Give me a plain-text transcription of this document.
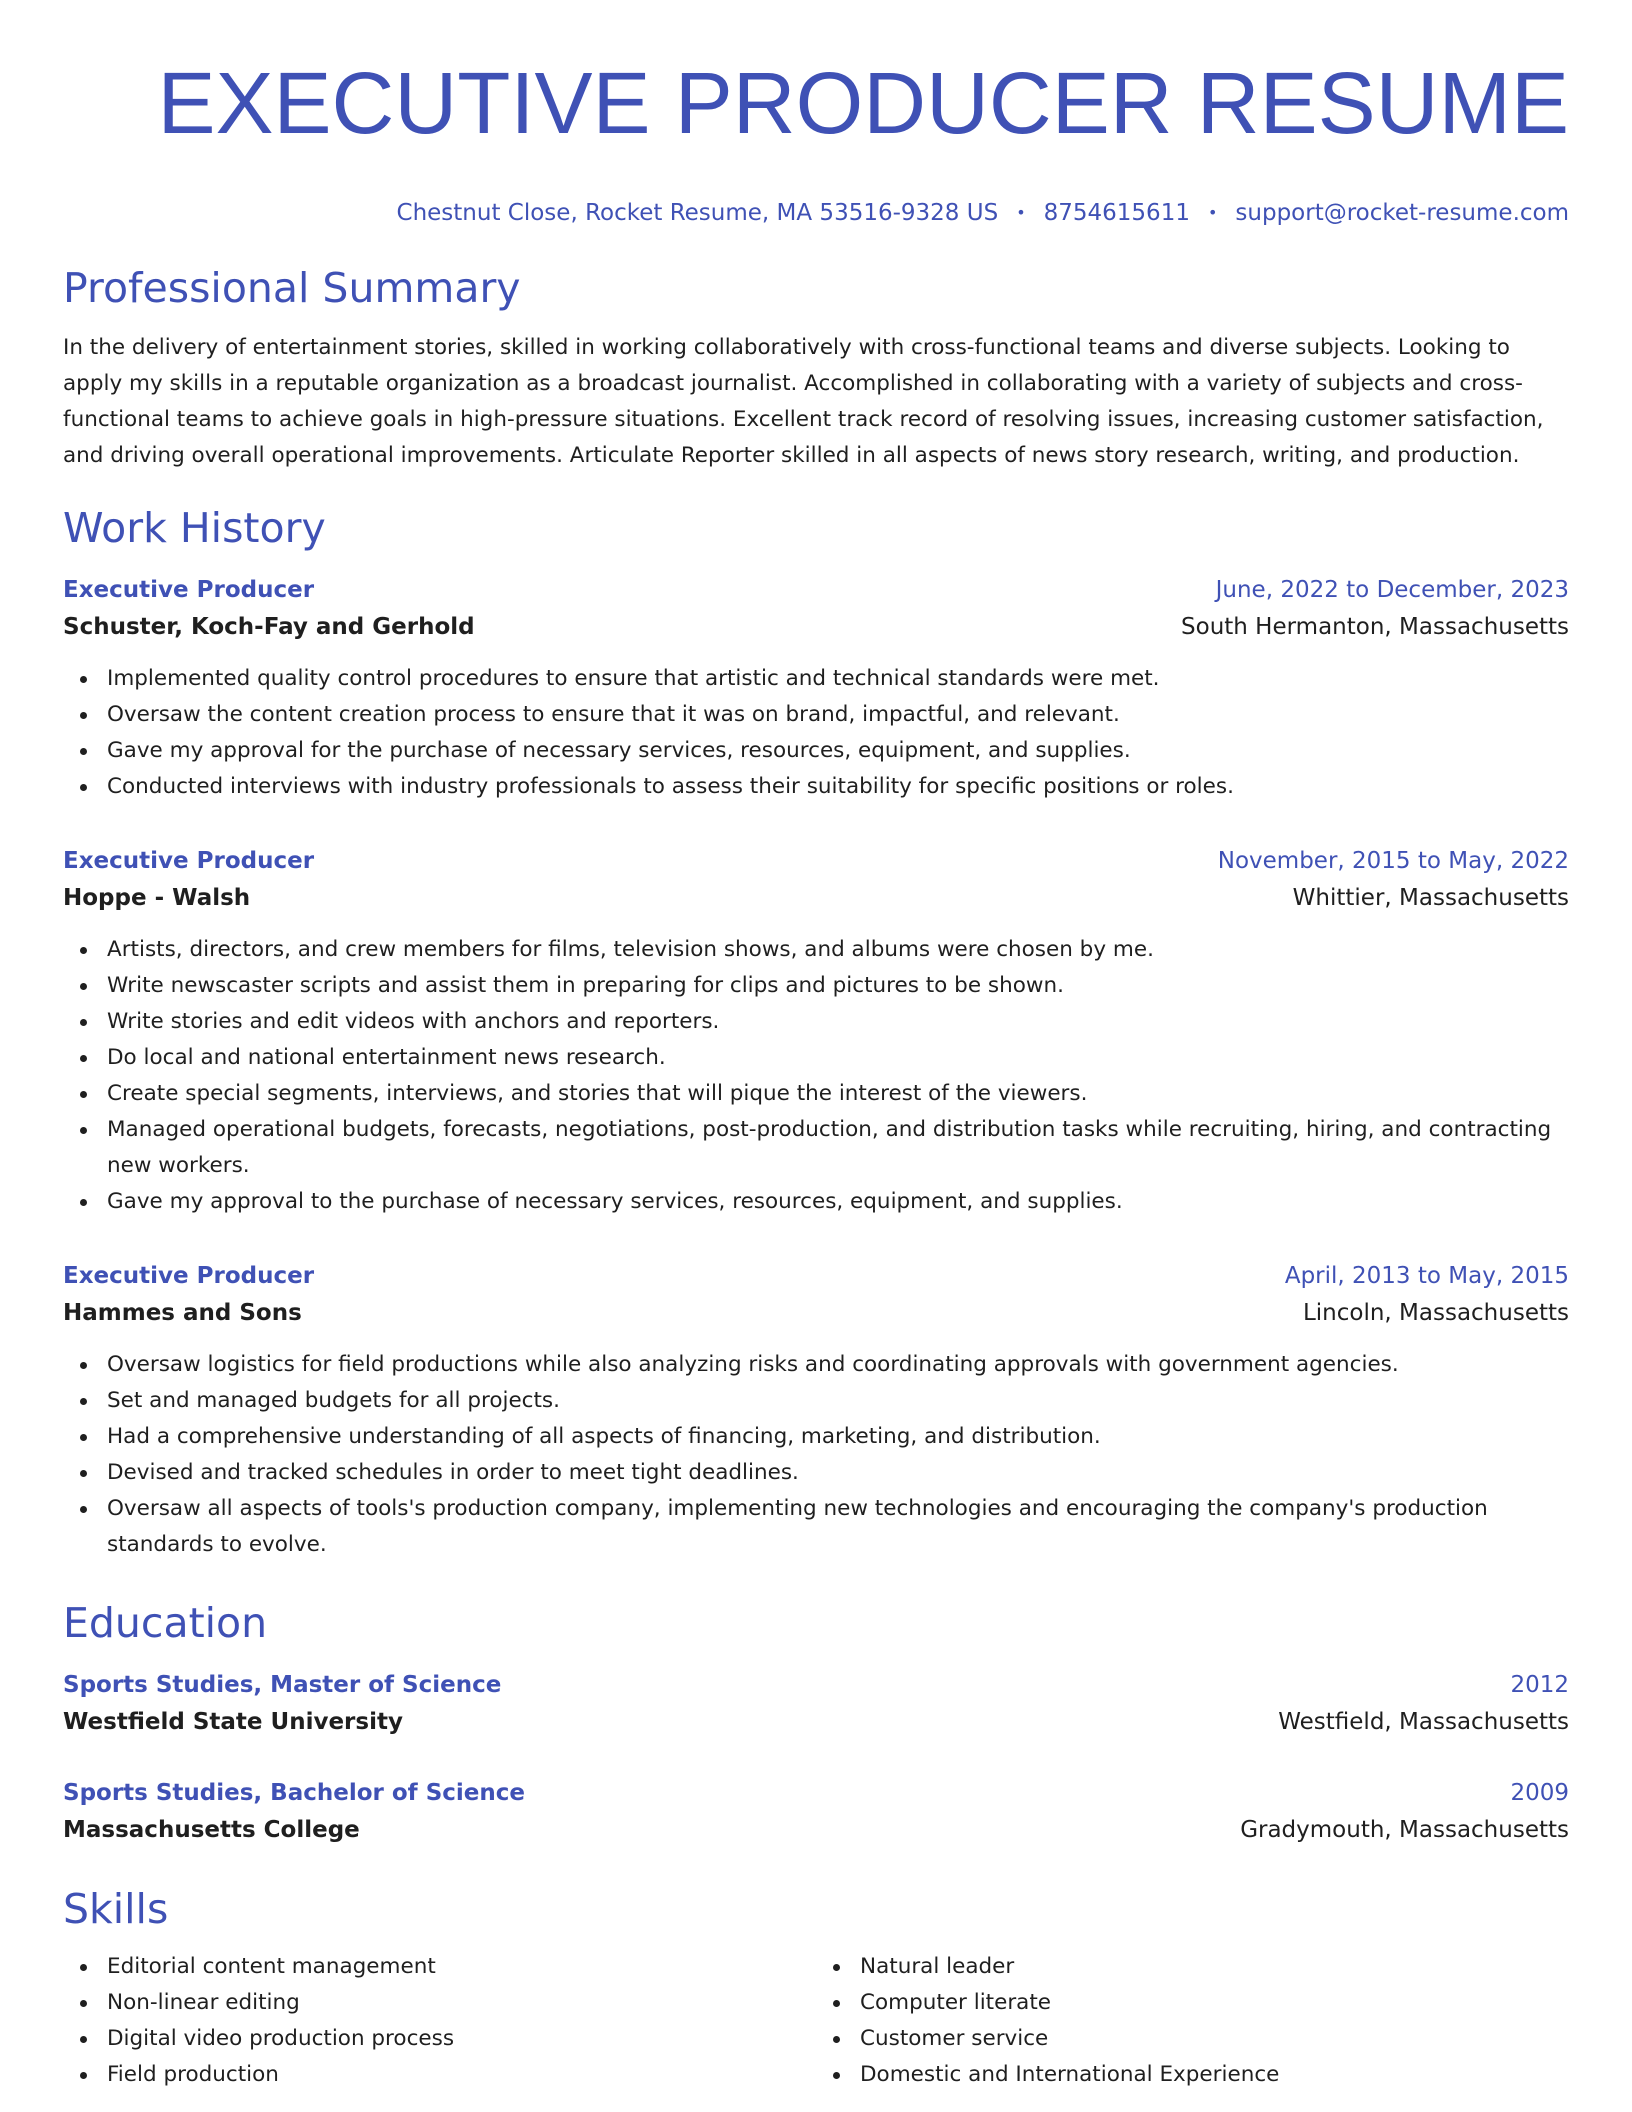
EXECUTIVE PRODUCER RESUME
Chestnut Close, Rocket Resume, MA 53516-9328 US • 8754615611 • support@rocket-resume.com
Professional Summary

In the delivery of entertainment stories, skilled in working collaboratively with cross-functional teams and diverse subjects. Looking to apply my skills in a reputable organization as a broadcast journalist. Accomplished in collaborating with a variety of subjects and cross-functional teams to achieve goals in high-pressure situations. Excellent track record of resolving issues, increasing customer satisfaction, and driving overall operational improvements. Articulate Reporter skilled in all aspects of news story research, writing, and production.

Work History
Executive Producer	June, 2022 to December, 2023
Schuster, Koch-Fay and Gerhold	South Hermanton, Massachusetts
Implemented quality control procedures to ensure that artistic and technical standards were met.
Oversaw the content creation process to ensure that it was on brand, impactful, and relevant.
Gave my approval for the purchase of necessary services, resources, equipment, and supplies.
Conducted interviews with industry professionals to assess their suitability for specific positions or roles.
Executive Producer	November, 2015 to May, 2022
Hoppe - Walsh	Whittier, Massachusetts
Artists, directors, and crew members for films, television shows, and albums were chosen by me.
Write newscaster scripts and assist them in preparing for clips and pictures to be shown.
Write stories and edit videos with anchors and reporters.
Do local and national entertainment news research.
Create special segments, interviews, and stories that will pique the interest of the viewers.
Managed operational budgets, forecasts, negotiations, post-production, and distribution tasks while recruiting, hiring, and contracting new workers.
Gave my approval to the purchase of necessary services, resources, equipment, and supplies.
Executive Producer	April, 2013 to May, 2015
Hammes and Sons	Lincoln, Massachusetts
Oversaw logistics for field productions while also analyzing risks and coordinating approvals with government agencies.
Set and managed budgets for all projects.
Had a comprehensive understanding of all aspects of financing, marketing, and distribution.
Devised and tracked schedules in order to meet tight deadlines.
Oversaw all aspects of tools's production company, implementing new technologies and encouraging the company's production standards to evolve.
Education
Sports Studies, Master of Science	2012
Westfield State University	Westfield, Massachusetts
Sports Studies, Bachelor of Science	2009
Massachusetts College	Gradymouth, Massachusetts
Skills
Editorial content management
Non-linear editing
Digital video production process
Field production
Natural leader
Computer literate
Customer service
Domestic and International Experience
